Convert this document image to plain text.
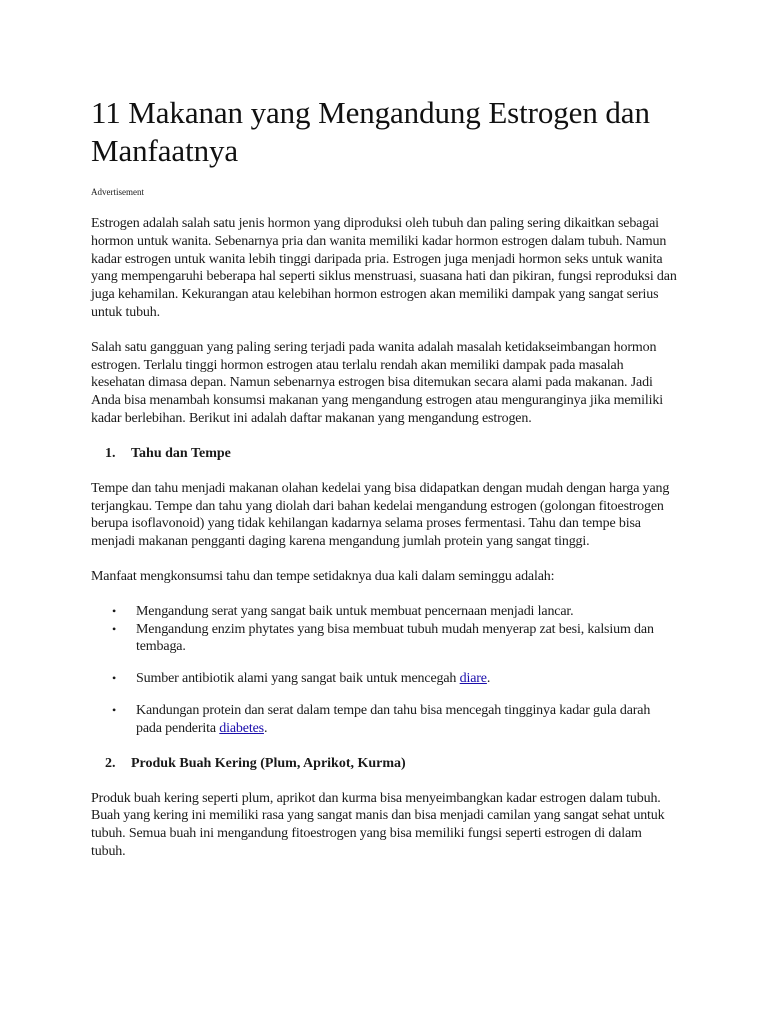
11 Makanan yang Mengandung Estrogen dan Manfaatnya
Advertisement

Estrogen adalah salah satu jenis hormon yang diproduksi oleh tubuh dan paling sering dikaitkan sebagai hormon untuk wanita. Sebenarnya pria dan wanita memiliki kadar hormon estrogen dalam tubuh. Namun kadar estrogen untuk wanita lebih tinggi daripada pria. Estrogen juga menjadi hormon seks untuk wanita yang mempengaruhi beberapa hal seperti siklus menstruasi, suasana hati dan pikiran, fungsi reproduksi dan juga kehamilan. Kekurangan atau kelebihan hormon estrogen akan memiliki dampak yang sangat serius untuk tubuh.

Salah satu gangguan yang paling sering terjadi pada wanita adalah masalah ketidakseimbangan hormon estrogen. Terlalu tinggi hormon estrogen atau terlalu rendah akan memiliki dampak pada masalah kesehatan dimasa depan. Namun sebenarnya estrogen bisa ditemukan secara alami pada makanan. Jadi Anda bisa menambah konsumsi makanan yang mengandung estrogen atau menguranginya jika memiliki kadar berlebihan. Berikut ini adalah daftar makanan yang mengandung estrogen.

1.	Tahu dan Tempe

Tempe dan tahu menjadi makanan olahan kedelai yang bisa didapatkan dengan mudah dengan harga yang terjangkau. Tempe dan tahu yang diolah dari bahan kedelai mengandung estrogen (golongan fitoestrogen berupa isoflavonoid) yang tidak kehilangan kadarnya selama proses fermentasi. Tahu dan tempe bisa menjadi makanan pengganti daging karena mengandung jumlah protein yang sangat tinggi.

Manfaat mengkonsumsi tahu dan tempe setidaknya dua kali dalam seminggu adalah:

• Mengandung serat yang sangat baik untuk membuat pencernaan menjadi lancar.
• Mengandung enzim phytates yang bisa membuat tubuh mudah menyerap zat besi, kalsium dan tembaga.
• Sumber antibiotik alami yang sangat baik untuk mencegah diare.
• Kandungan protein dan serat dalam tempe dan tahu bisa mencegah tingginya kadar gula darah pada penderita diabetes.
2.	Produk Buah Kering (Plum, Aprikot, Kurma)

Produk buah kering seperti plum, aprikot dan kurma bisa menyeimbangkan kadar estrogen dalam tubuh. Buah yang kering ini memiliki rasa yang sangat manis dan bisa menjadi camilan yang sangat sehat untuk tubuh. Semua buah ini mengandung fitoestrogen yang bisa memiliki fungsi seperti estrogen di dalam tubuh.
